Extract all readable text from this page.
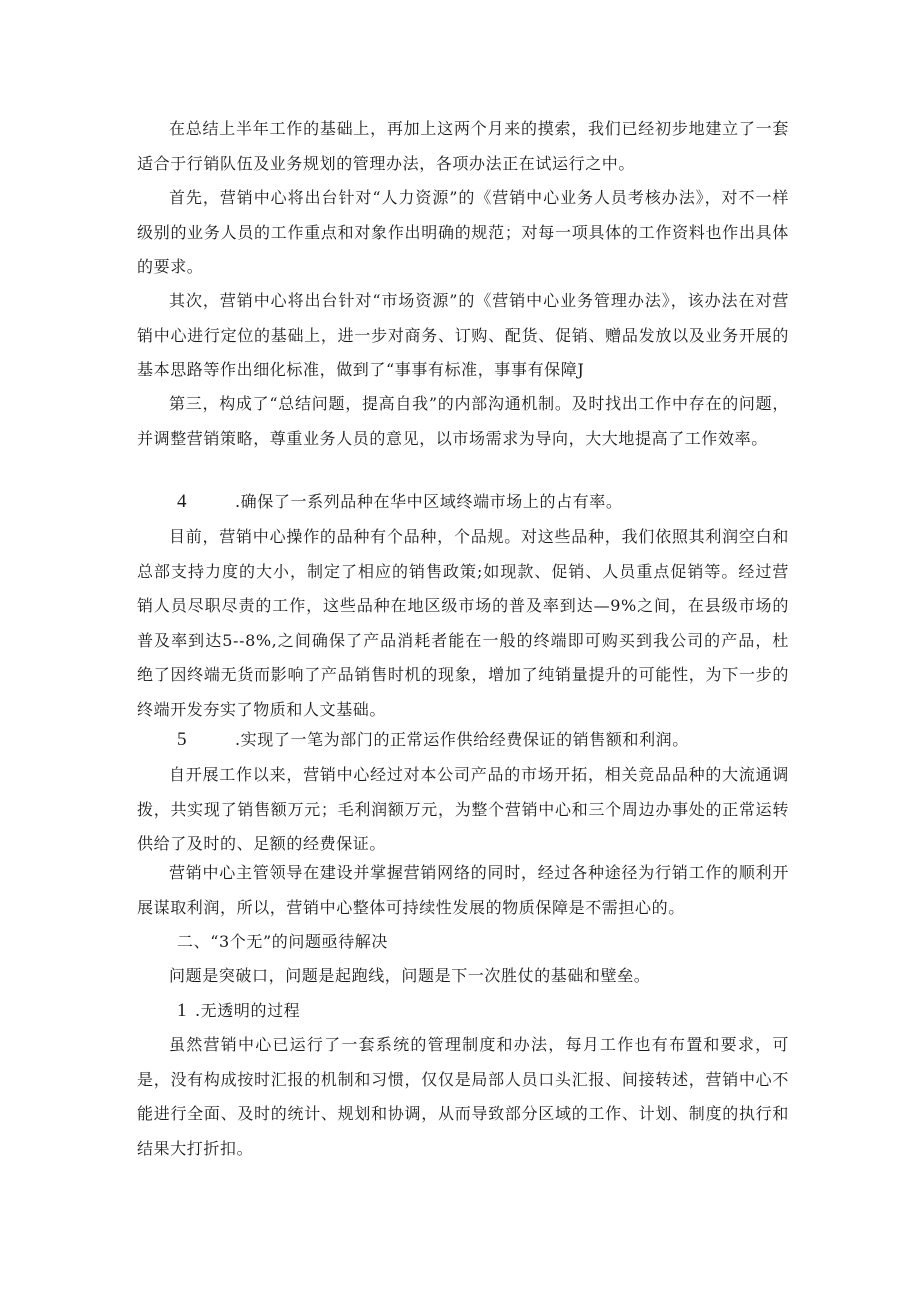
在总结上半年工作的基础上，再加上这两个月来的摸索，我们已经初步地建立了一套适合于行销队伍及业务规划的管理办法，各项办法正在试运行之中。

首先，营销中心将出台针对“人力资源”的《营销中心业务人员考核办法》，对不一样级别的业务人员的工作重点和对象作出明确的规范；对每一项具体的工作资料也作出具体的要求。

其次，营销中心将出台针对“市场资源”的《营销中心业务管理办法》，该办法在对营销中心进行定位的基础上，进一步对商务、订购、配货、促销、赠品发放以及业务开展的基本思路等作出细化标准，做到了“事事有标准，事事有保障J

第三，构成了“总结问题，提高自我”的内部沟通机制。及时找出工作中存在的问题，并调整营销策略，尊重业务人员的意见，以市场需求为导向，大大地提高了工作效率。

4	.确保了一系列品种在华中区域终端市场上的占有率。

目前，营销中心操作的品种有个品种，个品规。对这些品种，我们依照其利润空白和总部支持力度的大小，制定了相应的销售政策;如现款、促销、人员重点促销等。经过营销人员尽职尽责的工作，这些品种在地区级市场的普及率到达—9%之间，在县级市场的普及率到达5--8%,之间确保了产品消耗者能在一般的终端即可购买到我公司的产品，杜绝了因终端无货而影响了产品销售时机的现象，增加了纯销量提升的可能性，为下一步的终端开发夯实了物质和人文基础。

5	.实现了一笔为部门的正常运作供给经费保证的销售额和利润。

自开展工作以来，营销中心经过对本公司产品的市场开拓，相关竞品品种的大流通调拨，共实现了销售额万元；毛利润额万元，为整个营销中心和三个周边办事处的正常运转供给了及时的、足额的经费保证。

营销中心主管领导在建设并掌握营销网络的同时，经过各种途径为行销工作的顺利开展谋取利润，所以，营销中心整体可持续性发展的物质保障是不需担心的。

二、“3个无”的问题亟待解决

问题是突破口，问题是起跑线，问题是下一次胜仗的基础和壁垒。

1 .无透明的过程

虽然营销中心已运行了一套系统的管理制度和办法，每月工作也有布置和要求，可是，没有构成按时汇报的机制和习惯，仅仅是局部人员口头汇报、间接转述，营销中心不能进行全面、及时的统计、规划和协调，从而导致部分区域的工作、计划、制度的执行和结果大打折扣。
